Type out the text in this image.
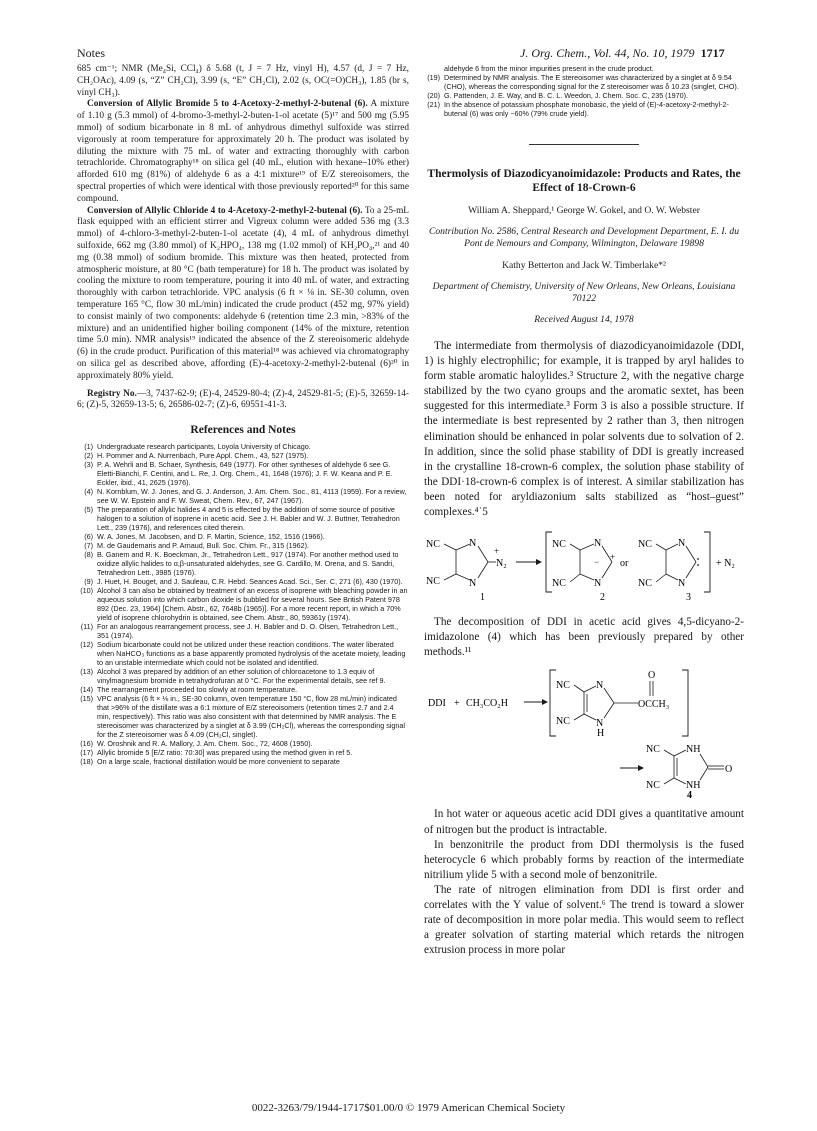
Notes	J. Org. Chem., Vol. 44, No. 10, 1979 1717

685 cm⁻¹; NMR (Me₄Si, CCl₄) δ 5.68 (t, J = 7 Hz, vinyl H), 4.57 (d, J = 7 Hz, CH₂OAc), 4.09 (s, “Z” CH₂Cl), 3.99 (s, “E” CH₂Cl), 2.02 (s, OC(=O)CH₃), 1.85 (br s, vinyl CH₃).

Conversion of Allylic Bromide 5 to 4-Acetoxy-2-methyl-2-butenal (6). A mixture of 1.10 g (5.3 mmol) of 4-bromo-3-methyl-2-buten-1-ol acetate (5)¹⁷ and 500 mg (5.95 mmol) of sodium bicarbonate in 8 mL of anhydrous dimethyl sulfoxide was stirred vigorously at room temperature for approximately 20 h. The product was isolated by diluting the mixture with 75 mL of water and extracting thoroughly with carbon tetrachloride. Chromatography¹⁸ on silica gel (40 mL, elution with hexane–10% ether) afforded 610 mg (81%) of aldehyde 6 as a 4:1 mixture¹⁹ of E/Z stereoisomers, the spectral properties of which were identical with those previously reported²⁰ for this same compound.

Conversion of Allylic Chloride 4 to 4-Acetoxy-2-methyl-2-butenal (6). To a 25-mL flask equipped with an efficient stirrer and Vigreux column were added 536 mg (3.3 mmol) of 4-chloro-3-methyl-2-buten-1-ol acetate (4), 4 mL of anhydrous dimethyl sulfoxide, 662 mg (3.80 mmol) of K₂HPO₄, 138 mg (1.02 mmol) of KH₂PO₄,²¹ and 40 mg (0.38 mmol) of sodium bromide. This mixture was then heated, protected from atmospheric moisture, at 80 °C (bath temperature) for 18 h. The product was isolated by cooling the mixture to room temperature, pouring it into 40 mL of water, and extracting thoroughly with carbon tetrachloride. VPC analysis (6 ft × ⅛ in. SE-30 column, oven temperature 165 °C, flow 30 mL/min) indicated the crude product (452 mg, 97% yield) to consist mainly of two components: aldehyde 6 (retention time 2.3 min, >83% of the mixture) and an unidentified higher boiling component (14% of the mixture, retention time 5.0 min). NMR analysis¹⁹ indicated the absence of the Z stereoisomeric aldehyde (6) in the crude product. Purification of this material¹⁸ was achieved via chromatography on silica gel as described above, affording (E)-4-acetoxy-2-methyl-2-butenal (6)²⁰ in approximately 80% yield.

Registry No.—3, 7437-62-9; (E)-4, 24529-80-4; (Z)-4, 24529-81-5; (E)-5, 32659-14-6; (Z)-5, 32659-13-5; 6, 26586-02-7; (Z)-6, 69551-41-3.

References and Notes
(1) Undergraduate research participants, Loyola University of Chicago.
(2) H. Pommer and A. Nurrenbach, Pure Appl. Chem., 43, 527 (1975).
(3) P. A. Wehrli and B. Schaer, Synthesis, 649 (1977). For other syntheses of aldehyde 6 see G. Eletti-Bianchi, F. Centini, and L. Re, J. Org. Chem., 41, 1648 (1976); J. F. W. Keana and P. E. Eckler, ibid., 41, 2625 (1976).
(4) N. Kornblum, W. J. Jones, and G. J. Anderson, J. Am. Chem. Soc., 81, 4113 (1959). For a review, see W. W. Epstein and F. W. Sweat, Chem. Rev., 67, 247 (1967).
(5) The preparation of allylic halides 4 and 5 is effected by the addition of some source of positive halogen to a solution of isoprene in acetic acid. See J. H. Babler and W. J. Buttner, Tetrahedron Lett., 239 (1976), and references cited therein.
(6) W. A. Jones, M. Jacobsen, and D. F. Martin, Science, 152, 1516 (1966).
(7) M. de Gaudemaris and P. Arnaud, Bull. Soc. Chim. Fr., 315 (1962).
(8) B. Ganem and R. K. Boeckman, Jr., Tetrahedron Lett., 917 (1974). For another method used to oxidize allylic halides to α,β-unsaturated aldehydes, see G. Cardillo, M. Orena, and S. Sandri, Tetrahedron Lett., 3985 (1976).
(9) J. Huet, H. Bouget, and J. Sauleau, C.R. Hebd. Seances Acad. Sci., Ser. C, 271 (6), 430 (1970).
(10) Alcohol 3 can also be obtained by treatment of an excess of isoprene with bleaching powder in an aqueous solution into which carbon dioxide is bubbled for several hours. See British Patent 978 892 (Dec. 23, 1964) [Chem. Abstr., 62, 7648b (1965)]. For a more recent report, in which a 70% yield of isoprene chlorohydrin is obtained, see Chem. Abstr., 80, 59361y (1974).
(11) For an analogous rearrangement process, see J. H. Babler and D. O. Olsen, Tetrahedron Lett., 351 (1974).
(12) Sodium bicarbonate could not be utilized under these reaction conditions. The water liberated when NaHCO₃ functions as a base apparently promoted hydrolysis of the acetate moiety, leading to an unstable intermediate which could not be isolated and identified.
(13) Alcohol 3 was prepared by addition of an ether solution of chloroacetone to 1.3 equiv of vinylmagnesium bromide in tetrahydrofuran at 0 °C. For the experimental details, see ref 9.
(14) The rearrangement proceeded too slowly at room temperature.
(15) VPC analysis (6 ft × ⅛ in., SE-30 column, oven temperature 150 °C, flow 28 mL/min) indicated that >96% of the distillate was a 6:1 mixture of E/Z stereoisomers (retention times 2.7 and 2.4 min, respectively). This ratio was also consistent with that determined by NMR analysis. The E stereoisomer was characterized by a singlet at δ 3.99 (CH₂Cl), whereas the corresponding signal for the Z stereoisomer was δ 4.09 (CH₂Cl, singlet).
(16) W. Oroshnik and R. A. Mallory, J. Am. Chem. Soc., 72, 4608 (1950).
(17) Allylic bromide 5 [E/Z ratio: 70:30] was prepared using the method given in ref 5.
(18) On a large scale, fractional distillation would be more convenient to separate
aldehyde 6 from the minor impurities present in the crude product.
(19) Determined by NMR analysis. The E stereoisomer was characterized by a singlet at δ 9.54 (CHO), whereas the corresponding signal for the Z stereoisomer was δ 10.23 (singlet, CHO).
(20) G. Pattenden, J. E. Way, and B. C. L. Weedon, J. Chem. Soc. C, 235 (1970).
(21) In the absence of potassium phosphate monobasic, the yield of (E)-4-acetoxy-2-methyl-2-butenal (6) was only ~60% (79% crude yield).
Thermolysis of Diazodicyanoimidazole: Products and Rates, the Effect of 18-Crown-6
William A. Sheppard,¹ George W. Gokel, and O. W. Webster
Contribution No. 2586, Central Research and Development Department, E. I. du Pont de Nemours and Company, Wilmington, Delaware 19898
Kathy Betterton and Jack W. Timberlake*²
Department of Chemistry, University of New Orleans, New Orleans, Louisiana 70122
Received August 14, 1978

The intermediate from thermolysis of diazodicyanoimidazole (DDI, 1) is highly electrophilic; for example, it is trapped by aryl halides to form stable aromatic haloylides.³ Structure 2, with the negative charge stabilized by the two cyano groups and the aromatic sextet, has been suggested for this intermediate.³ Form 3 is also a possible structure. If the intermediate is best represented by 2 rather than 3, then nitrogen elimination should be enhanced in polar solvents due to solvation of 2. In addition, since the solid phase stability of DDI is greatly increased in the crystalline 18-crown-6 complex, the solution phase stability of the DDI·18-crown-6 complex is of interest. A similar stabilization has been noted for aryldiazonium salts stabilized as “host–guest” complexes.⁴˙5

NC
NC
N
N
N₂
+
1
NC
NC
N
N
− +
2
or
NC
NC
N
N
3
+ N₂

The decomposition of DDI in acetic acid gives 4,5-dicyano-2-imidazolone (4) which has been previously prepared by other methods.¹¹

DDI + CH₃CO₂H
NC
NC
N
N
H
OCCH₃
O
NC
NC
NH
NH
O
4

In hot water or aqueous acetic acid DDI gives a quantitative amount of nitrogen but the product is intractable.

In benzonitrile the product from DDI thermolysis is the fused heterocycle 6 which probably forms by reaction of the intermediate nitrilium ylide 5 with a second mole of benzonitrile.

The rate of nitrogen elimination from DDI is first order and correlates with the Y value of solvent.⁶ The trend is toward a slower rate of decomposition in more polar media. This would seem to reflect a greater solvation of starting material which retards the nitrogen extrusion process in more polar

0022-3263/79/1944-1717$01.00/0 © 1979 American Chemical Society
